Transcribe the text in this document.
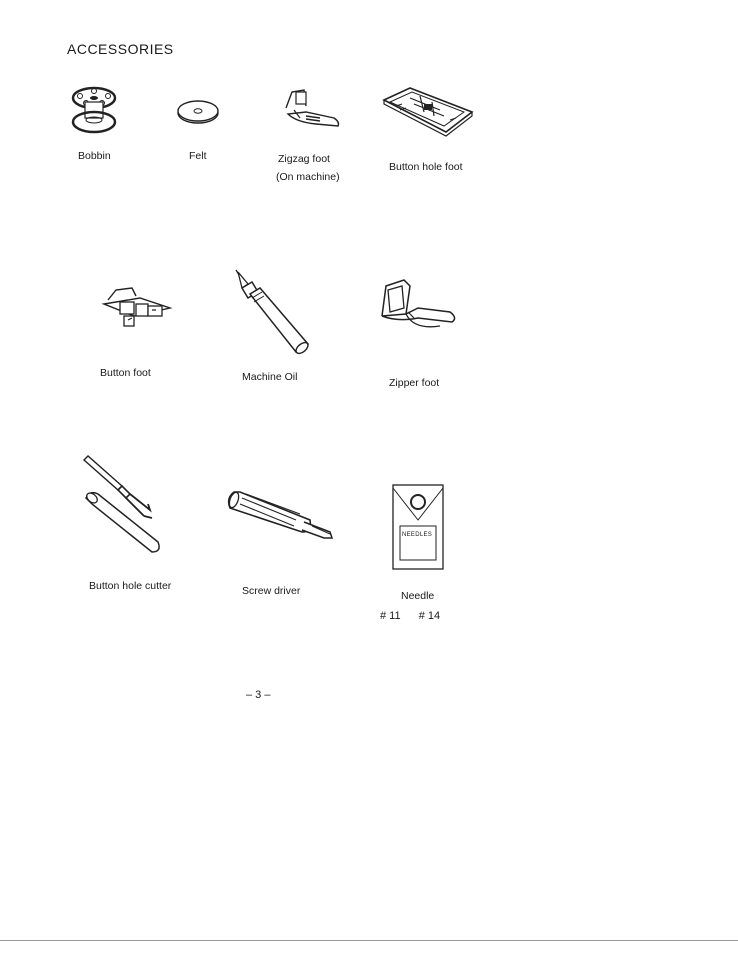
ACCESSORIES
Bobbin	Felt	Zigzag foot
(On machine)
Button hole foot
Button foot	Machine Oil	Zipper foot
Button hole cutter	Screw driver
NEEDLES
Needle
# 11 # 14
– 3 –
